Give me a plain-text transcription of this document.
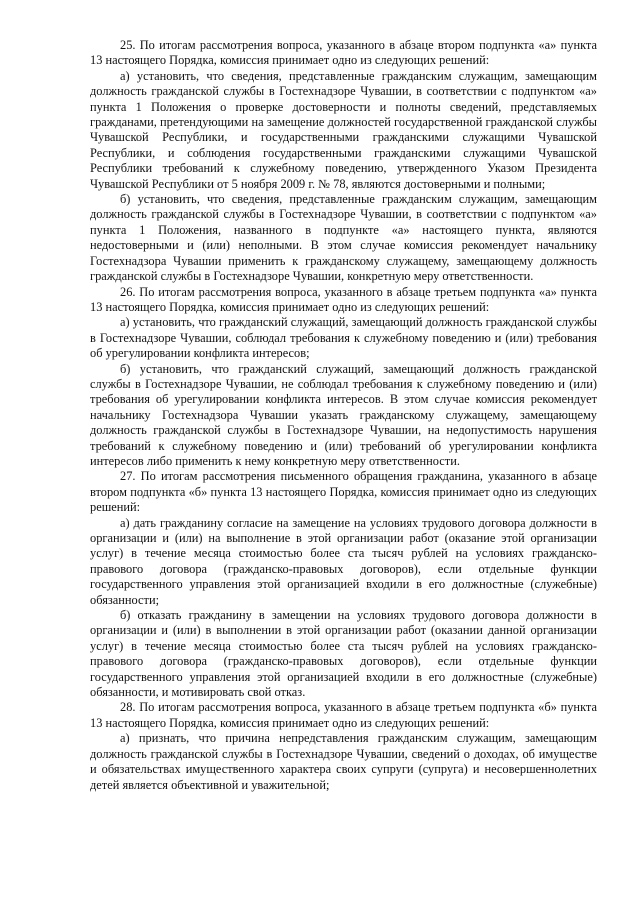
25. По итогам рассмотрения вопроса, указанного в абзаце втором подпункта «а» пункта 13 настоящего Порядка, комиссия принимает одно из следующих решений:

а) установить, что сведения, представленные гражданским служащим, замещающим должность гражданской службы в Гостехнадзоре Чувашии, в соответствии с подпунктом «а» пункта 1 Положения о проверке достоверности и полноты сведений, представляемых гражданами, претендующими на замещение должностей государственной гражданской службы Чувашской Республики, и государственными гражданскими служащими Чувашской Республики, и соблюдения государственными гражданскими служащими Чувашской Республики требований к служебному поведению, утвержденного Указом Президента Чувашской Республики от 5 ноября 2009 г. № 78, являются достоверными и полными;

б) установить, что сведения, представленные гражданским служащим, замещающим должность гражданской службы в Гостехнадзоре Чувашии, в соответствии с подпунктом «а» пункта 1 Положения, названного в подпункте «а» настоящего пункта, являются недостоверными и (или) неполными. В этом случае комиссия рекомендует начальнику Гостехнадзора Чувашии применить к гражданскому служащему, замещающему должность гражданской службы в Гостехнадзоре Чувашии, конкретную меру ответственности.

26. По итогам рассмотрения вопроса, указанного в абзаце третьем подпункта «а» пункта 13 настоящего Порядка, комиссия принимает одно из следующих решений:

а) установить, что гражданский служащий, замещающий должность гражданской службы в Гостехнадзоре Чувашии, соблюдал требования к служебному поведению и (или) требования об урегулировании конфликта интересов;

б) установить, что гражданский служащий, замещающий должность гражданской службы в Гостехнадзоре Чувашии, не соблюдал требования к служебному поведению и (или) требования об урегулировании конфликта интересов. В этом случае комиссия рекомендует начальнику Гостехнадзора Чувашии указать гражданскому служащему, замещающему должность гражданской службы в Гостехнадзоре Чувашии, на недопустимость нарушения требований к служебному поведению и (или) требований об урегулировании конфликта интересов либо применить к нему конкретную меру ответственности.

27. По итогам рассмотрения письменного обращения гражданина, указанного в абзаце втором подпункта «б» пункта 13 настоящего Порядка, комиссия принимает одно из следующих решений:

а) дать гражданину согласие на замещение на условиях трудового договора должности в организации и (или) на выполнение в этой организации работ (оказание этой организации услуг) в течение месяца стоимостью более ста тысяч рублей на условиях гражданско-правового договора (гражданско-правовых договоров), если отдельные функции государственного управления этой организацией входили в его должностные (служебные) обязанности;

б) отказать гражданину в замещении на условиях трудового договора должности в организации и (или) в выполнении в этой организации работ (оказании данной организации услуг) в течение месяца стоимостью более ста тысяч рублей на условиях гражданско-правового договора (гражданско-правовых договоров), если отдельные функции государственного управления этой организацией входили в его должностные (служебные) обязанности, и мотивировать свой отказ.

28. По итогам рассмотрения вопроса, указанного в абзаце третьем подпункта «б» пункта 13 настоящего Порядка, комиссия принимает одно из следующих решений:

а) признать, что причина непредставления гражданским служащим, замещающим должность гражданской службы в Гостехнадзоре Чувашии, сведений о доходах, об имуществе и обязательствах имущественного характера своих супруги (супруга) и несовершеннолетних детей является объективной и уважительной;
